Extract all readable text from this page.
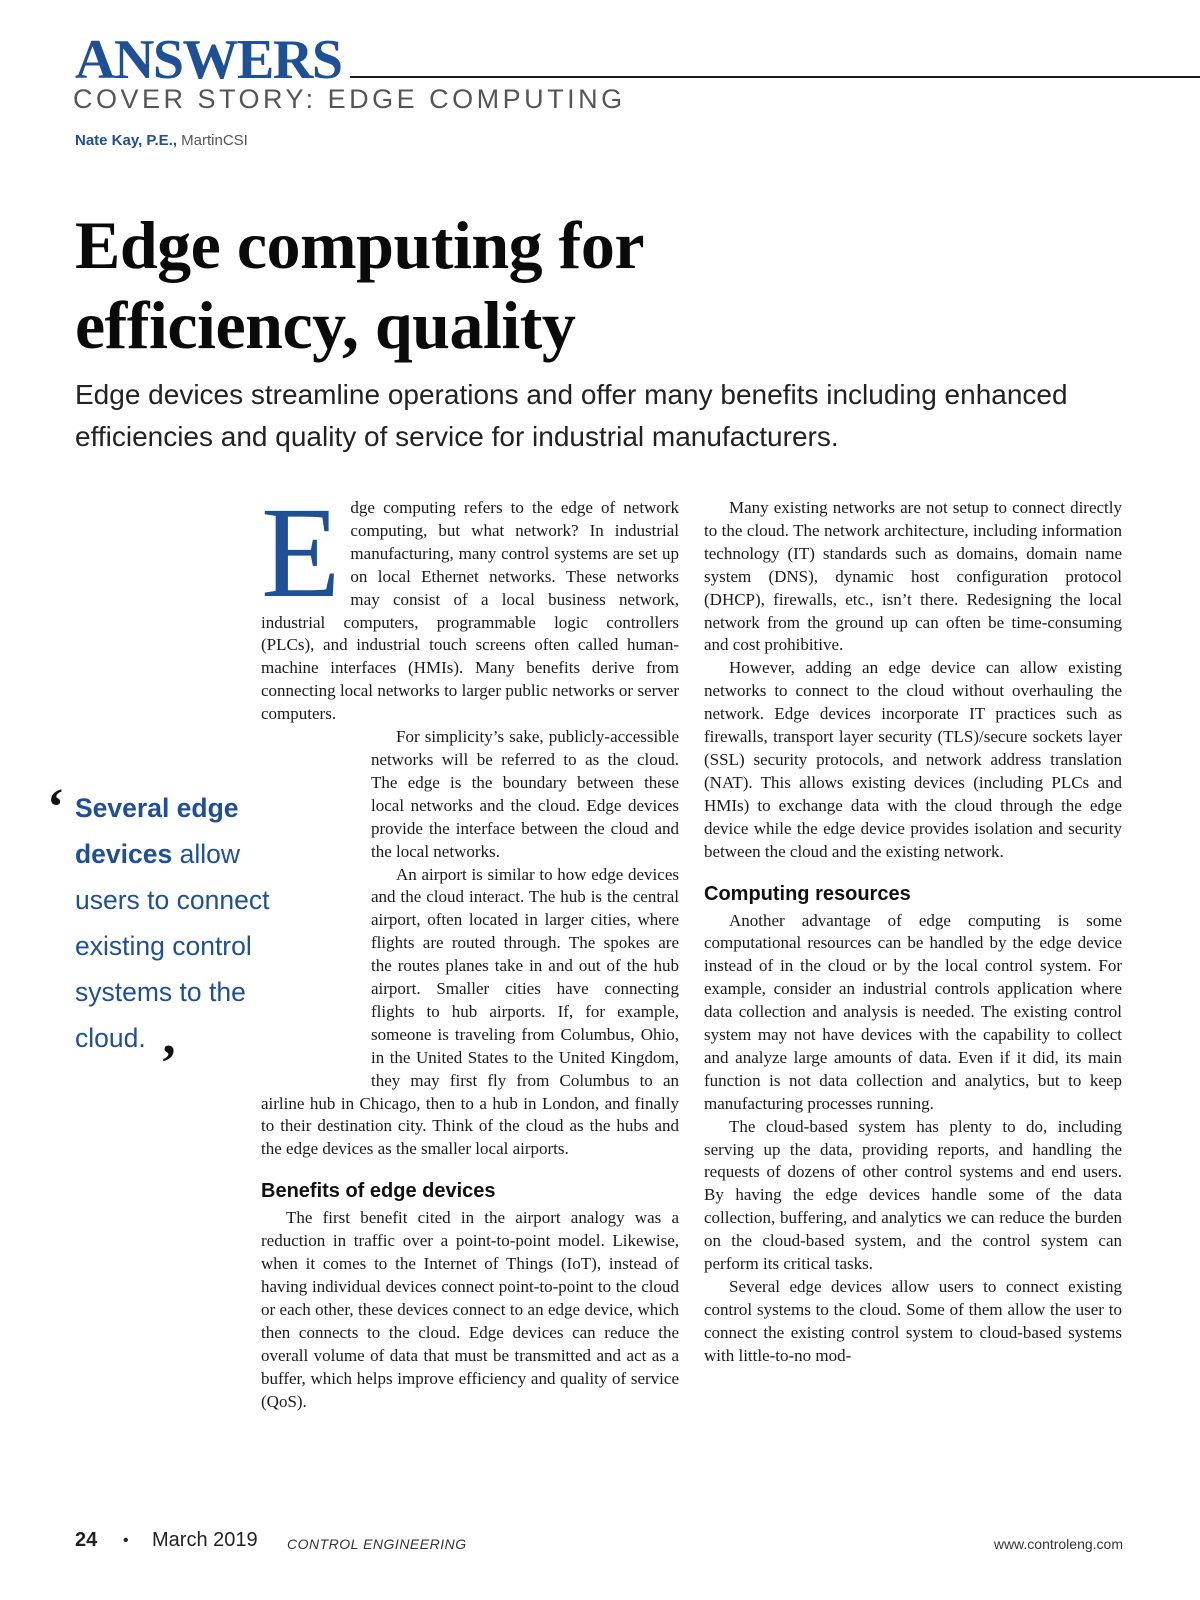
ANSWERS
COVER STORY: EDGE COMPUTING
Nate Kay, P.E., MartinCSI
Edge computing for
efficiency, quality
Edge devices streamline operations and offer many benefits including enhanced efficiencies and quality of service for industrial manufacturers.

Edge computing refers to the edge of network computing, but what network? In industrial manufacturing, many control systems are set up on local Ethernet networks. These networks may consist of a local business network, industrial computers, programmable logic controllers (PLCs), and industrial touch screens often called human-machine interfaces (HMIs). Many benefits derive from connecting local networks to larger public networks or server computers.

For simplicity’s sake, publicly-accessible networks will be referred to as the cloud. The edge is the boundary between these local networks and the cloud. Edge devices provide the interface between the cloud and the local networks.

An airport is similar to how edge devices and the cloud interact. The hub is the central airport, often located in larger cities, where flights are routed through. The spokes are the routes planes take in and out of the hub airport. Smaller cities have connecting flights to hub airports. If, for example, someone is traveling from Columbus, Ohio, in the United States to the United Kingdom, they may first fly from Columbus to an airline hub in Chicago, then to a hub in London, and finally to their destination city. Think of the cloud as the hubs and the edge devices as the smaller local airports.

Benefits of edge devices

The first benefit cited in the airport analogy was a reduction in traffic over a point-to-point model. Likewise, when it comes to the Internet of Things (IoT), instead of having individual devices connect point-to-point to the cloud or each other, these devices connect to an edge device, which then connects to the cloud. Edge devices can reduce the overall volume of data that must be transmitted and act as a buffer, which helps improve efficiency and quality of service (QoS).

Many existing networks are not setup to connect directly to the cloud. The network architecture, including information technology (IT) standards such as domains, domain name system (DNS), dynamic host configuration protocol (DHCP), firewalls, etc., isn’t there. Redesigning the local network from the ground up can often be time-consuming and cost prohibitive.

However, adding an edge device can allow existing networks to connect to the cloud without overhauling the network. Edge devices incorporate IT practices such as firewalls, transport layer security (TLS)/secure sockets layer (SSL) security protocols, and network address translation (NAT). This allows existing devices (including PLCs and HMIs) to exchange data with the cloud through the edge device while the edge device provides isolation and security between the cloud and the existing network.

Computing resources

Another advantage of edge computing is some computational resources can be handled by the edge device instead of in the cloud or by the local control system. For example, consider an industrial controls application where data collection and analysis is needed. The existing control system may not have devices with the capability to collect and analyze large amounts of data. Even if it did, its main function is not data collection and analytics, but to keep manufacturing processes running.

The cloud-based system has plenty to do, including serving up the data, providing reports, and handling the requests of dozens of other control systems and end users. By having the edge devices handle some of the data collection, buffering, and analytics we can reduce the burden on the cloud-based system, and the control system can perform its critical tasks.

Several edge devices allow users to connect existing control systems to the cloud. Some of them allow the user to connect the existing control system to cloud-based systems with little-to-no mod-

‘ Several edge
devices allow
users to connect
existing control
systems to the
cloud. ’
24 • March 2019 CONTROL ENGINEERING	www.controleng.com
